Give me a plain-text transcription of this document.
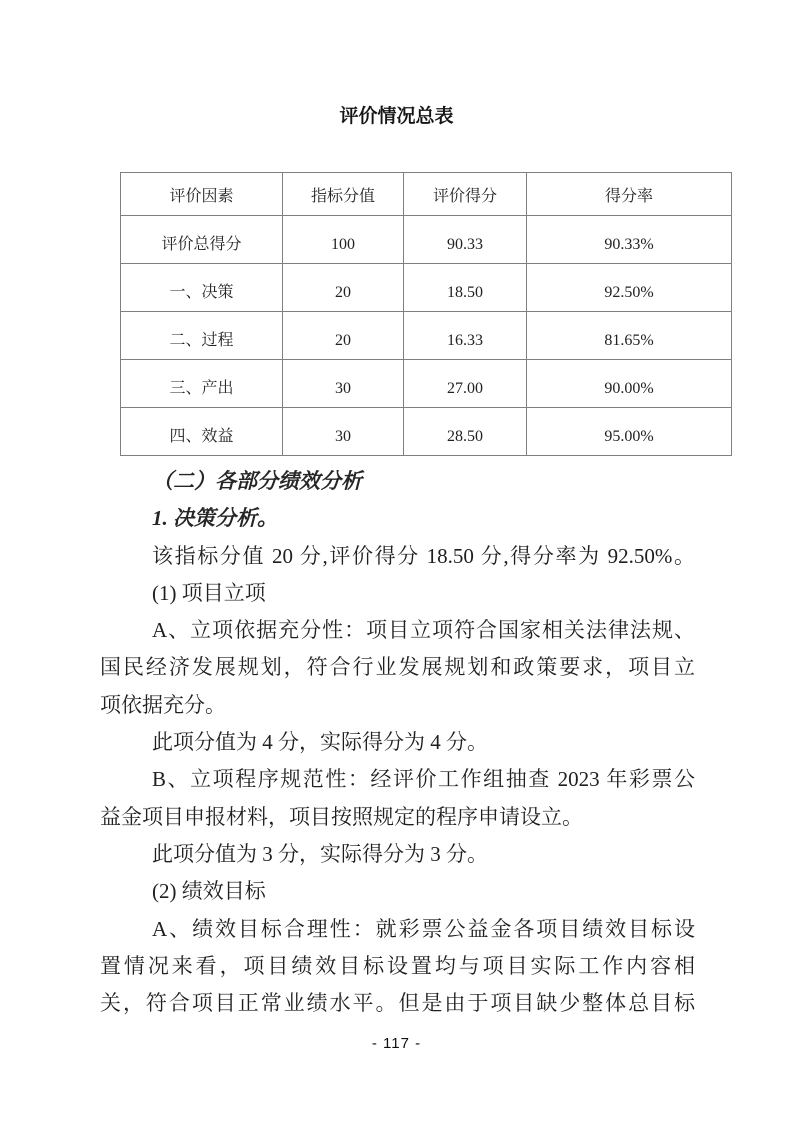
评价情况总表
评价因素	指标分值	评价得分	得分率
评价总得分	100	90.33	90.33%
一、决策	20	18.50	92.50%
二、过程	20	16.33	81.65%
三、产出	30	27.00	90.00%
四、效益	30	28.50	95.00%
（二）各部分绩效分析
1. 决策分析。
该指标分值 20 分,评价得分 18.50 分,得分率为 92.50%。
(1) 项目立项
A、立项依据充分性：项目立项符合国家相关法律法规、
国民经济发展规划，符合行业发展规划和政策要求，项目立
项依据充分。
此项分值为 4 分，实际得分为 4 分。
B、立项程序规范性：经评价工作组抽查 2023 年彩票公
益金项目申报材料，项目按照规定的程序申请设立。
此项分值为 3 分，实际得分为 3 分。
(2) 绩效目标
A、绩效目标合理性：就彩票公益金各项目绩效目标设
置情况来看，项目绩效目标设置均与项目实际工作内容相
关，符合项目正常业绩水平。但是由于项目缺少整体总目标
- 117 -
